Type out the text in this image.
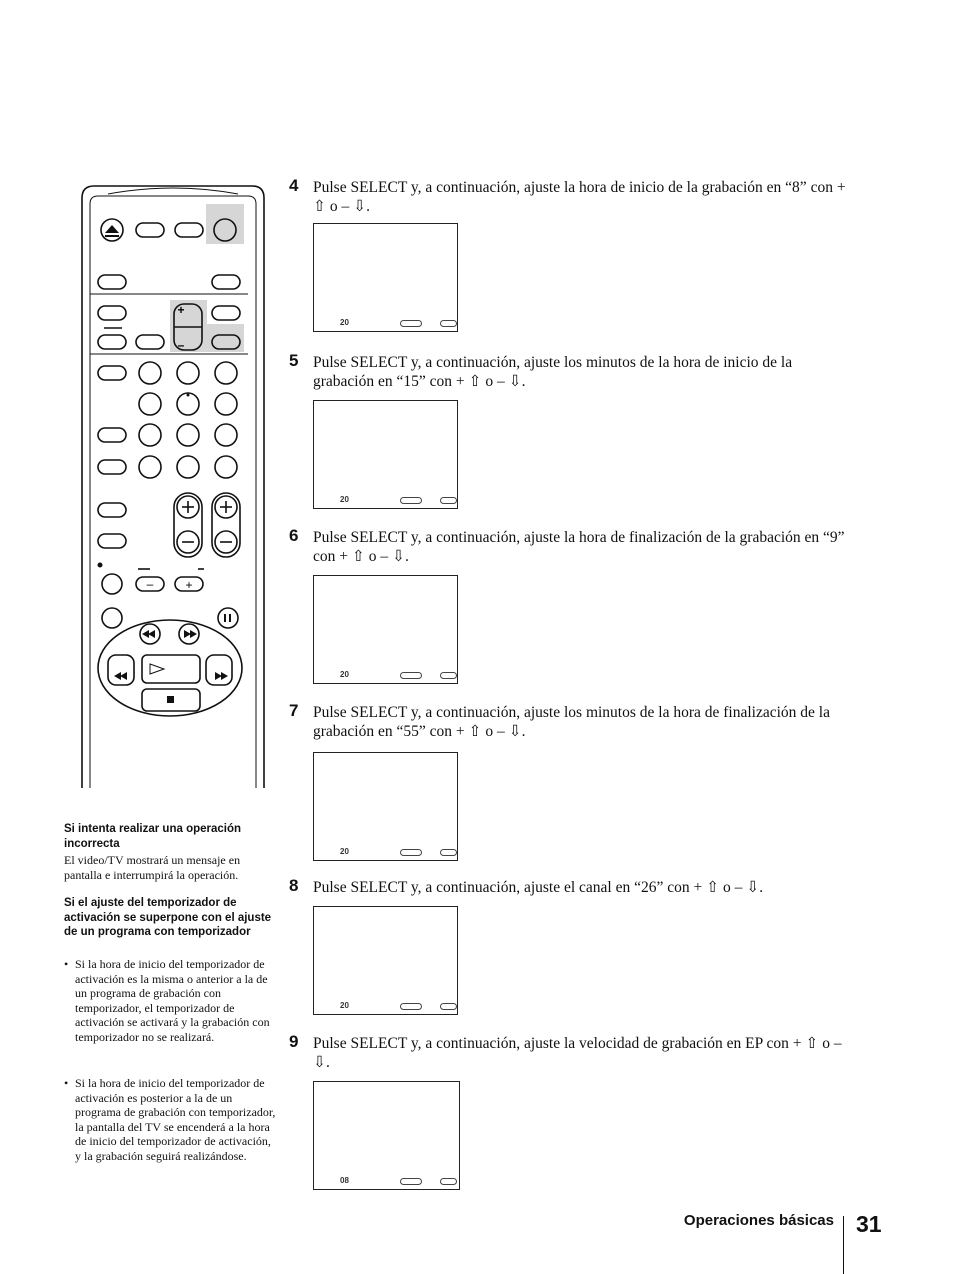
+
–
–	+
4 Pulse SELECT y, a continuación, ajuste la hora de inicio de la grabación en “8” con + ⇧ o – ⇩.
20
5 Pulse SELECT y, a continuación, ajuste los minutos de la hora de inicio de la grabación en “15” con + ⇧ o – ⇩.
20
6 Pulse SELECT y, a continuación, ajuste la hora de finalización de la grabación en “9” con + ⇧ o – ⇩.
20
7 Pulse SELECT y, a continuación, ajuste los minutos de la hora de finalización de la grabación en “55” con + ⇧ o – ⇩.
20
8 Pulse SELECT y, a continuación, ajuste el canal en “26” con + ⇧ o – ⇩.
20
9 Pulse SELECT y, a continuación, ajuste la velocidad de grabación en EP con + ⇧ o – ⇩.
08
Si intenta realizar una operación incorrecta
El video/TV mostrará un mensaje en pantalla e interrumpirá la operación.
Si el ajuste del temporizador de activación se superpone con el ajuste de un programa con temporizador
• Si la hora de inicio del temporizador de activación es la misma o anterior a la de un programa de grabación con temporizador, el temporizador de activación se activará y la grabación con temporizador no se realizará.
• Si la hora de inicio del temporizador de activación es posterior a la de un programa de grabación con temporizador, la pantalla del TV se encenderá a la hora de inicio del temporizador de activación, y la grabación seguirá realizándose.
Operaciones básicas 31
